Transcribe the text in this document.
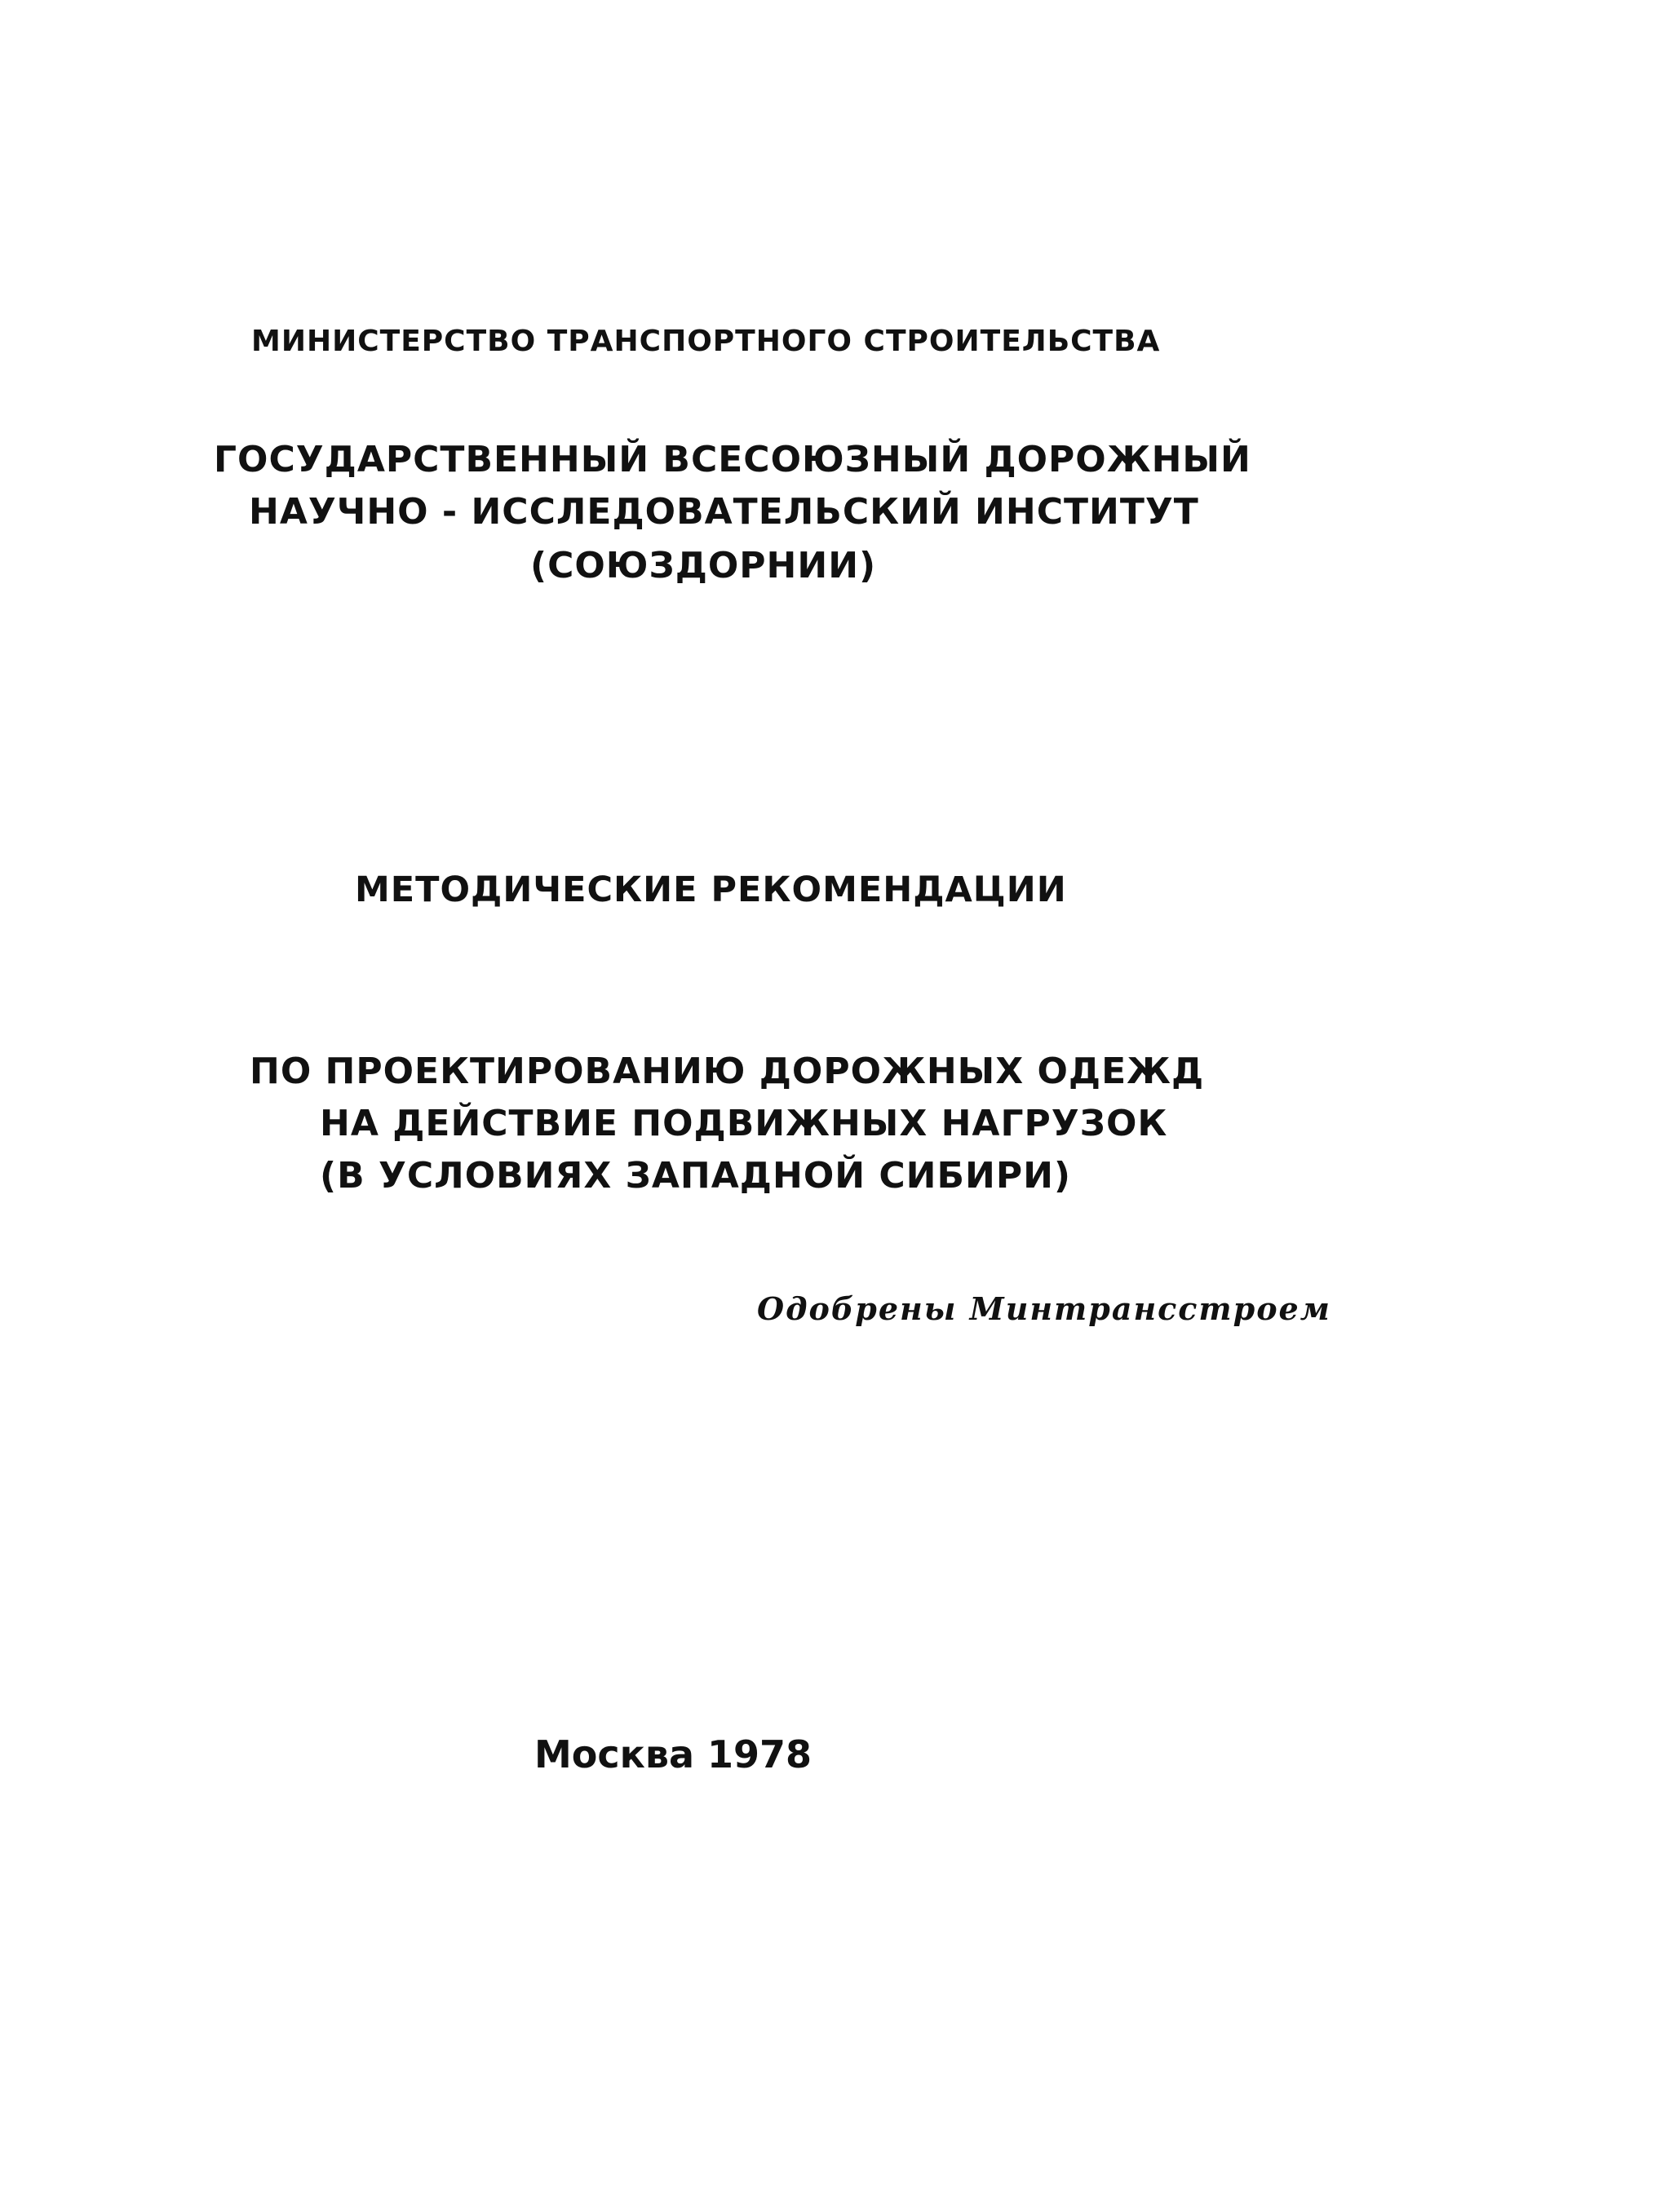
МИНИСТЕРСТВО ТРАНСПОРТНОГО СТРОИТЕЛЬСТВА
ГОСУДАРСТВЕННЫЙ ВСЕСОЮЗНЫЙ ДОРОЖНЫЙ
НАУЧНО - ИССЛЕДОВАТЕЛЬСКИЙ ИНСТИТУТ
(СОЮЗДОРНИИ)
МЕТОДИЧЕСКИЕ РЕКОМЕНДАЦИИ
ПО ПРОЕКТИРОВАНИЮ ДОРОЖНЫХ ОДЕЖД
НА ДЕЙСТВИЕ ПОДВИЖНЫХ НАГРУЗОК
(В УСЛОВИЯХ ЗАПАДНОЙ СИБИРИ)
Одобрены Минтрансстроем
Москва 1978
